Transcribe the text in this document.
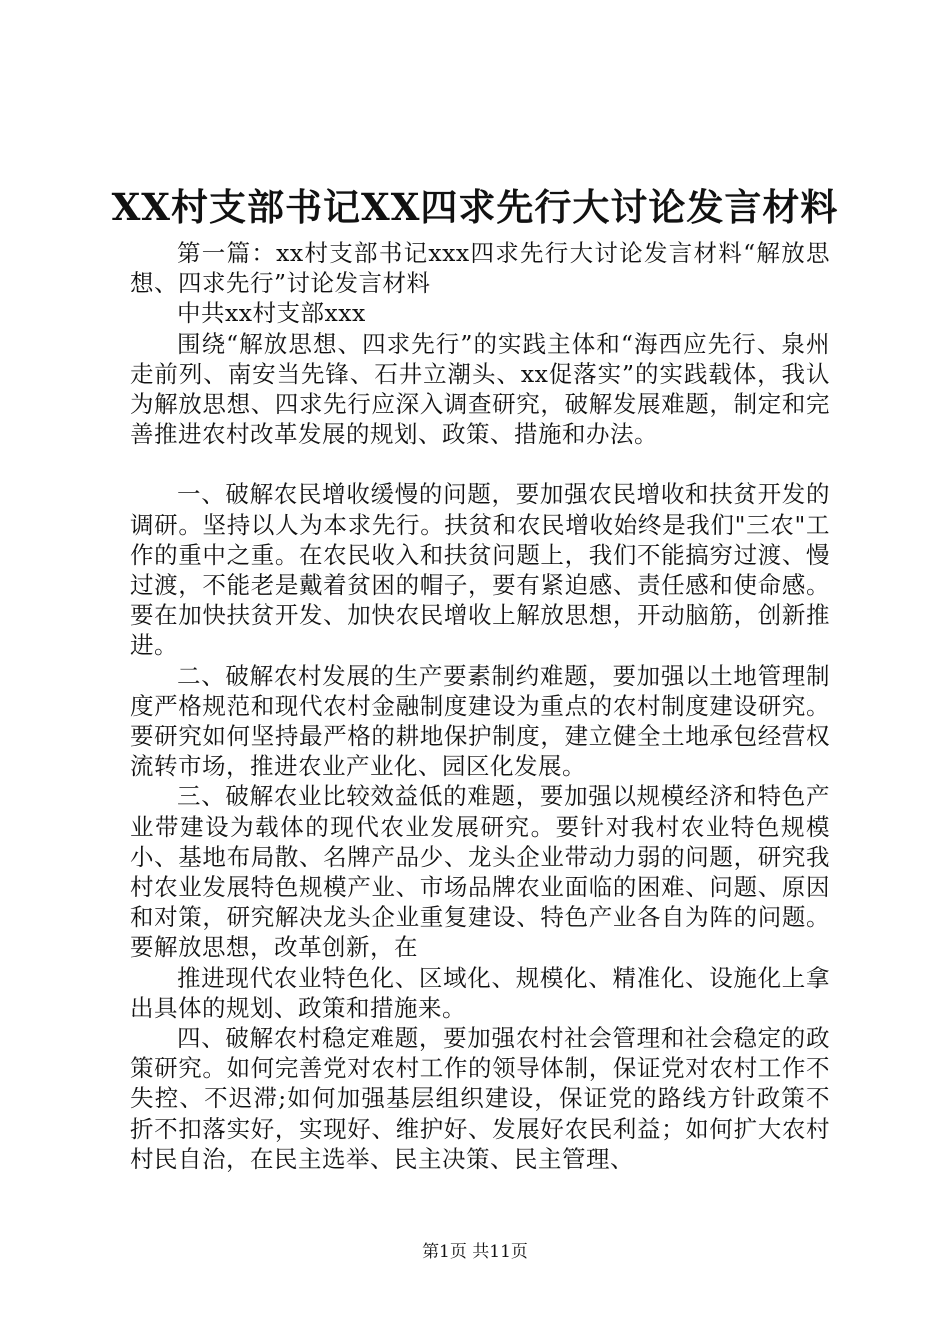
XX村支部书记XX四求先行大讨论发言材料

第一篇：xx村支部书记xxx四求先行大讨论发言材料“解放思想、四求先行”讨论发言材料

中共xx村支部xxx

围绕“解放思想、四求先行”的实践主体和“海西应先行、泉州走前列、南安当先锋、石井立潮头、xx促落实”的实践载体，我认为解放思想、四求先行应深入调查研究，破解发展难题，制定和完善推进农村改革发展的规划、政策、措施和办法。

一、破解农民增收缓慢的问题，要加强农民增收和扶贫开发的调研。坚持以人为本求先行。扶贫和农民增收始终是我们"三农"工作的重中之重。在农民收入和扶贫问题上，我们不能搞穷过渡、慢过渡，不能老是戴着贫困的帽子，要有紧迫感、责任感和使命感。要在加快扶贫开发、加快农民增收上解放思想，开动脑筋，创新推进。

二、破解农村发展的生产要素制约难题，要加强以土地管理制度严格规范和现代农村金融制度建设为重点的农村制度建设研究。要研究如何坚持最严格的耕地保护制度，建立健全土地承包经营权流转市场，推进农业产业化、园区化发展。

三、破解农业比较效益低的难题，要加强以规模经济和特色产业带建设为载体的现代农业发展研究。要针对我村农业特色规模小、基地布局散、名牌产品少、龙头企业带动力弱的问题，研究我村农业发展特色规模产业、市场品牌农业面临的困难、问题、原因和对策，研究解决龙头企业重复建设、特色产业各自为阵的问题。要解放思想，改革创新，在

推进现代农业特色化、区域化、规模化、精准化、设施化上拿出具体的规划、政策和措施来。

四、破解农村稳定难题，要加强农村社会管理和社会稳定的政策研究。如何完善党对农村工作的领导体制，保证党对农村工作不失控、不迟滞;如何加强基层组织建设，保证党的路线方针政策不折不扣落实好，实现好、维护好、发展好农民利益；如何扩大农村村民自治，在民主选举、民主决策、民主管理、

第1页 共11页
